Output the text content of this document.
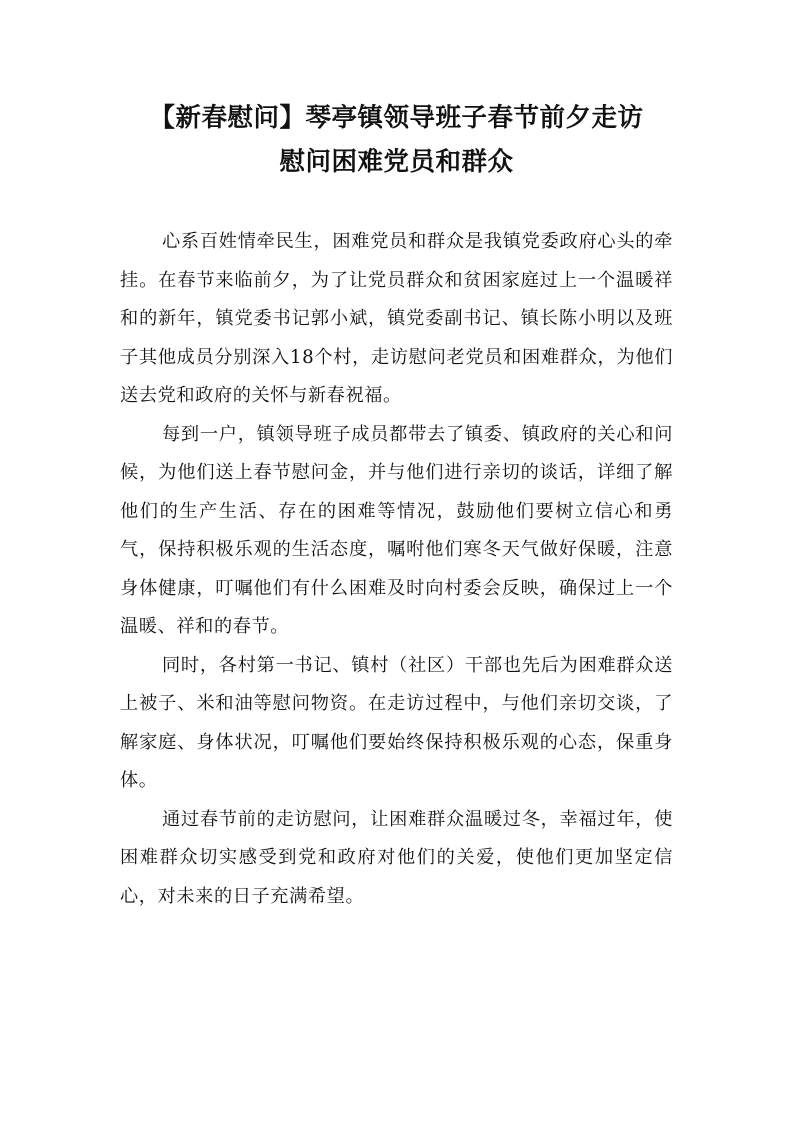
【新春慰问】琴亭镇领导班子春节前夕走访
慰问困难党员和群众

心系百姓情牵民生，困难党员和群众是我镇党委政府心头的牵挂。在春节来临前夕，为了让党员群众和贫困家庭过上一个温暖祥和的新年，镇党委书记郭小斌，镇党委副书记、镇长陈小明以及班子其他成员分别深入18个村，走访慰问老党员和困难群众，为他们送去党和政府的关怀与新春祝福。

每到一户，镇领导班子成员都带去了镇委、镇政府的关心和问候，为他们送上春节慰问金，并与他们进行亲切的谈话，详细了解他们的生产生活、存在的困难等情况，鼓励他们要树立信心和勇气，保持积极乐观的生活态度，嘱咐他们寒冬天气做好保暖，注意身体健康，叮嘱他们有什么困难及时向村委会反映，确保过上一个温暖、祥和的春节。

同时，各村第一书记、镇村（社区）干部也先后为困难群众送上被子、米和油等慰问物资。在走访过程中，与他们亲切交谈，了解家庭、身体状况，叮嘱他们要始终保持积极乐观的心态，保重身体。

通过春节前的走访慰问，让困难群众温暖过冬，幸福过年，使困难群众切实感受到党和政府对他们的关爱，使他们更加坚定信心，对未来的日子充满希望。
